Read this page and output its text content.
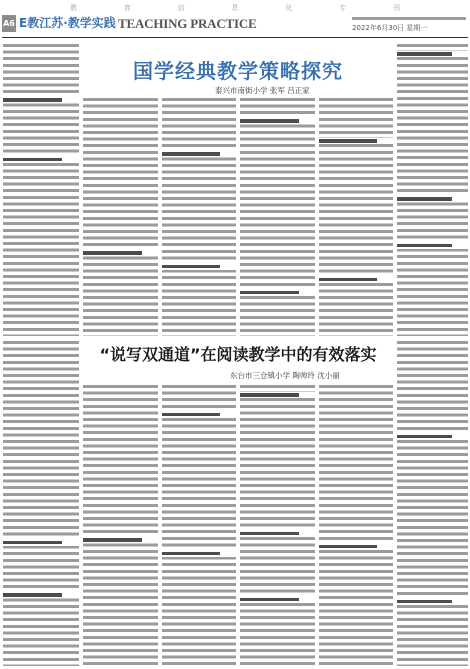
教	育	信	息	化	专	刊
A6 E教江苏·教学实践 TEACHING PRACTICE	2022年6月30日 星期一
国学经典教学策略探究
泰兴市南街小学 张军 吕正家
“说写双通道”在阅读教学中的有效落实
东台市三仓镇小学 陶帅玲 沈小丽
